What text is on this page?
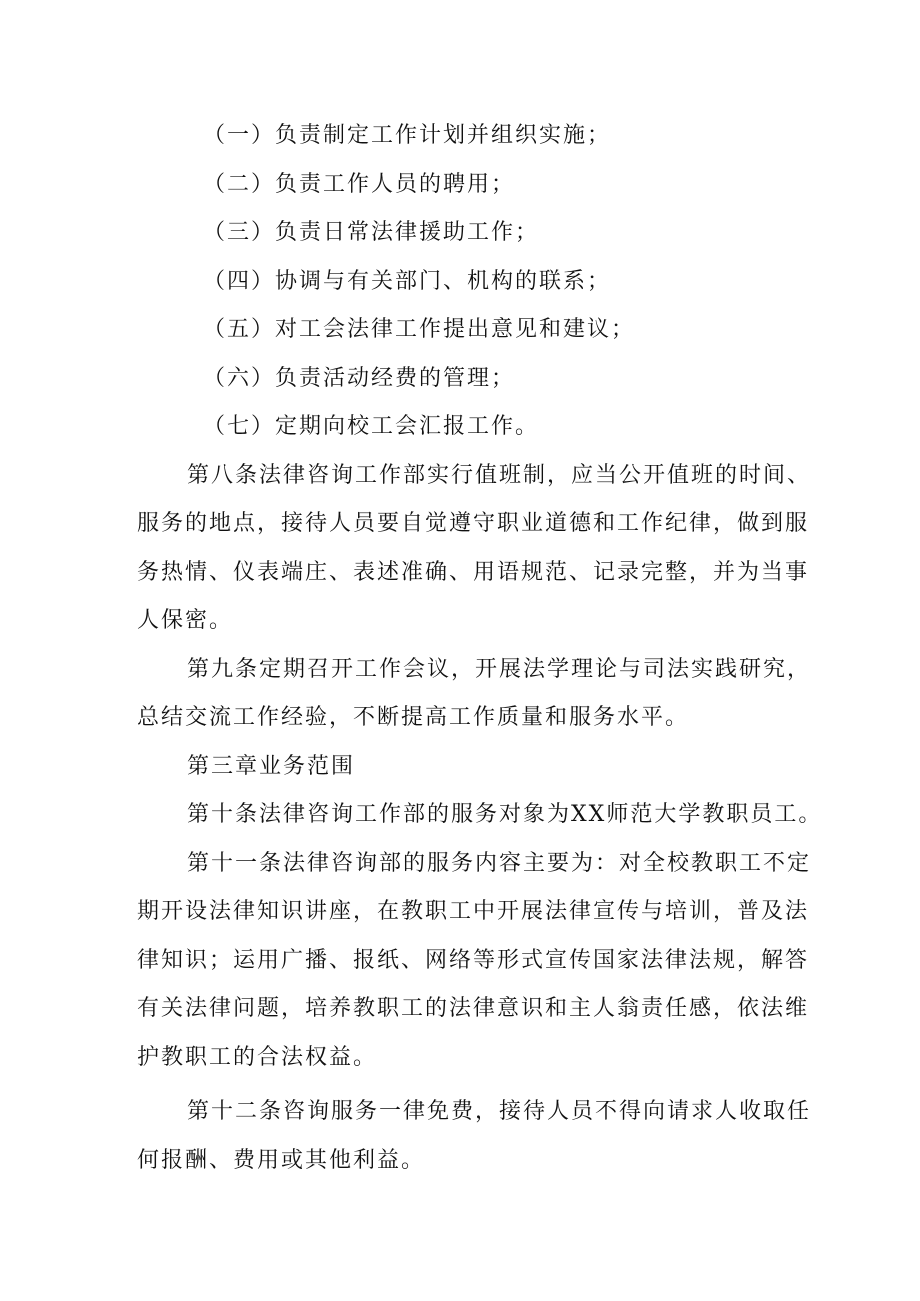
（一）负责制定工作计划并组织实施；
（二）负责工作人员的聘用；
（三）负责日常法律援助工作；
（四）协调与有关部门、机构的联系；
（五）对工会法律工作提出意见和建议；
（六）负责活动经费的管理；
（七）定期向校工会汇报工作。
第八条法律咨询工作部实行值班制，应当公开值班的时间、
服务的地点，接待人员要自觉遵守职业道德和工作纪律，做到服
务热情、仪表端庄、表述准确、用语规范、记录完整，并为当事
人保密。
第九条定期召开工作会议，开展法学理论与司法实践研究，
总结交流工作经验，不断提高工作质量和服务水平。
第三章业务范围
第十条法律咨询工作部的服务对象为XX师范大学教职员工。
第十一条法律咨询部的服务内容主要为：对全校教职工不定
期开设法律知识讲座，在教职工中开展法律宣传与培训，普及法
律知识；运用广播、报纸、网络等形式宣传国家法律法规，解答
有关法律问题，培养教职工的法律意识和主人翁责任感，依法维
护教职工的合法权益。
第十二条咨询服务一律免费，接待人员不得向请求人收取任
何报酬、费用或其他利益。
